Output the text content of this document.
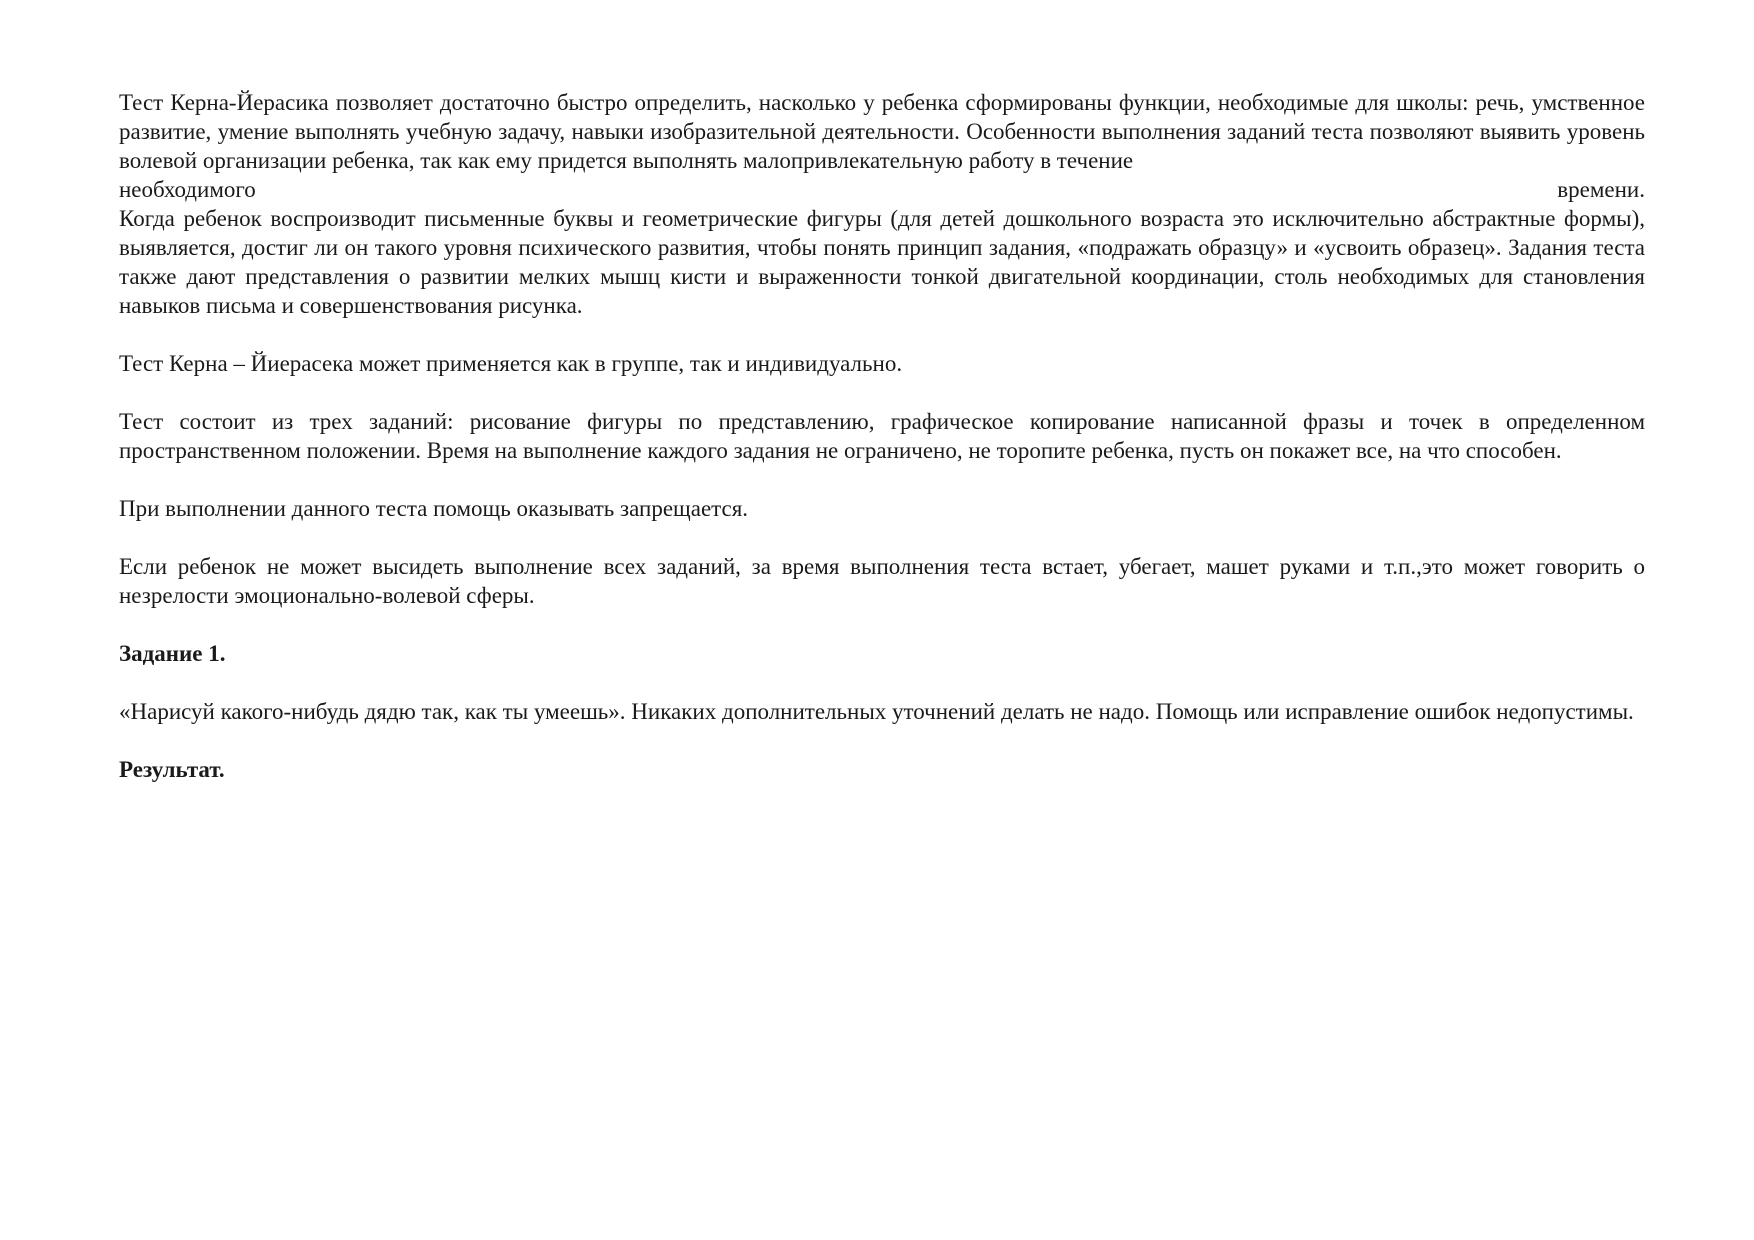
Тест Керна-Йерасика позволяет достаточно быстро определить, насколько у ребенка сформированы функции, необходимые для школы: речь, умственное развитие, умение выполнять учебную задачу, навыки изобразительной деятельности. Особенности выполнения заданий теста позволяют выявить уровень волевой организации ребенка, так как ему придется выполнять малопривлекательную работу в течение

необходимого	времени.

Когда ребенок воспроизводит письменные буквы и геометрические фигуры (для детей дошкольного возраста это исключительно абстрактные формы), выявляется, достиг ли он такого уровня психического развития, чтобы понять принцип задания, «подражать образцу» и «усвоить образец». Задания теста также дают представления о развитии мелких мышц кисти и выраженности тонкой двигательной координации, столь необходимых для становления навыков письма и совершенствования рисунка.

Тест Керна – Йиерасека может применяется как в группе, так и индивидуально.

Тест состоит из трех заданий: рисование фигуры по представлению, графическое копирование написанной фразы и точек в определенном пространственном положении. Время на выполнение каждого задания не ограничено, не торопите ребенка, пусть он покажет все, на что способен.

При выполнении данного теста помощь оказывать запрещается.

Если ребенок не может высидеть выполнение всех заданий, за время выполнения теста встает, убегает, машет руками и т.п.,это может говорить о незрелости эмоционально-волевой сферы.

Задание 1.

«Нарисуй какого-нибудь дядю так, как ты умеешь». Никаких дополнительных уточнений делать не надо. Помощь или исправление ошибок недопустимы.

Результат.
